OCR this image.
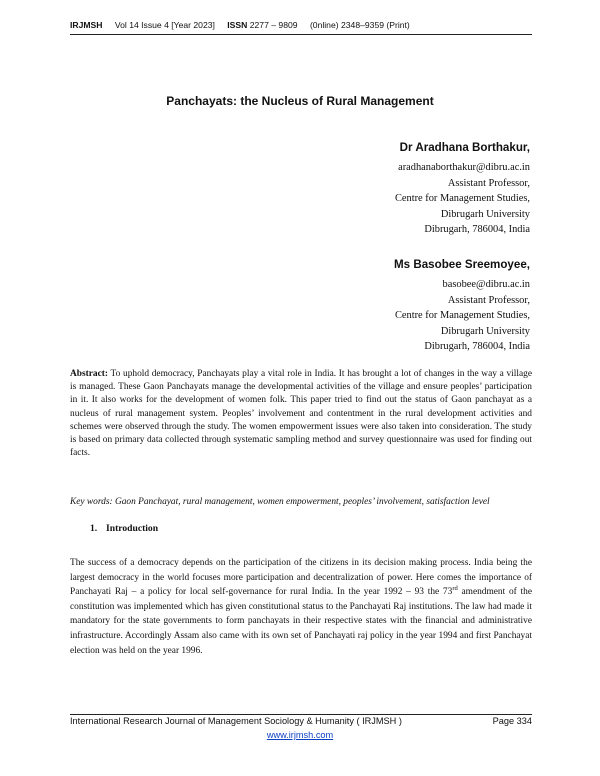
IRJMSH Vol 14 Issue 4 [Year 2023] ISSN 2277 – 9809 (0nline) 2348–9359 (Print)
Panchayats: the Nucleus of Rural Management
Dr Aradhana Borthakur,
aradhanaborthakur@dibru.ac.in
Assistant Professor,
Centre for Management Studies,
Dibrugarh University
Dibrugarh, 786004, India
Ms Basobee Sreemoyee,
basobee@dibru.ac.in
Assistant Professor,
Centre for Management Studies,
Dibrugarh University
Dibrugarh, 786004, India

Abstract: To uphold democracy, Panchayats play a vital role in India. It has brought a lot of changes in the way a village is managed. These Gaon Panchayats manage the developmental activities of the village and ensure peoples’ participation in it. It also works for the development of women folk. This paper tried to find out the status of Gaon panchayat as a nucleus of rural management system. Peoples’ involvement and contentment in the rural development activities and schemes were observed through the study. The women empowerment issues were also taken into consideration. The study is based on primary data collected through systematic sampling method and survey questionnaire was used for finding out facts.

Key words: Gaon Panchayat, rural management, women empowerment, peoples’ involvement, satisfaction level

1. Introduction

The success of a democracy depends on the participation of the citizens in its decision making process. India being the largest democracy in the world focuses more participation and decentralization of power. Here comes the importance of Panchayati Raj – a policy for local self-governance for rural India. In the year 1992 – 93 the 73rd amendment of the constitution was implemented which has given constitutional status to the Panchayati Raj institutions. The law had made it mandatory for the state governments to form panchayats in their respective states with the financial and administrative infrastructure. Accordingly Assam also came with its own set of Panchayati raj policy in the year 1994 and first Panchayat election was held on the year 1996.

International Research Journal of Management Sociology & Humanity ( IRJMSH )	Page 334
www.irjmsh.com
